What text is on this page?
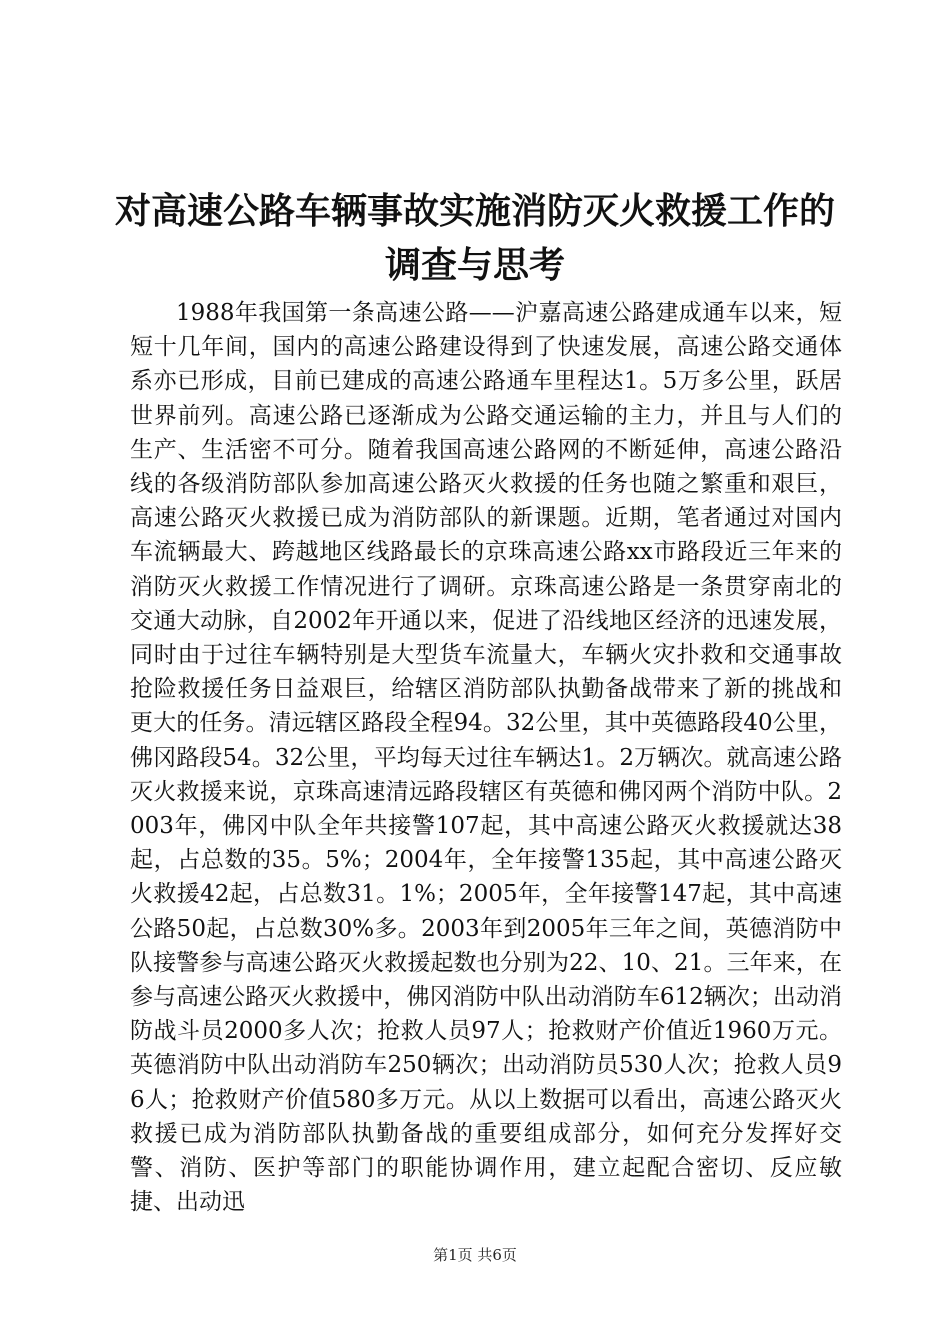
对高速公路车辆事故实施消防灭火救援工作的
调查与思考

1988年我国第一条高速公路——沪嘉高速公路建成通车以来，短短十几年间，国内的高速公路建设得到了快速发展，高速公路交通体系亦已形成，目前已建成的高速公路通车里程达1。5万多公里，跃居世界前列。高速公路已逐渐成为公路交通运输的主力，并且与人们的生产、生活密不可分。随着我国高速公路网的不断延伸，高速公路沿线的各级消防部队参加高速公路灭火救援的任务也随之繁重和艰巨，高速公路灭火救援已成为消防部队的新课题。近期，笔者通过对国内车流辆最大、跨越地区线路最长的京珠高速公路xx市路段近三年来的消防灭火救援工作情况进行了调研。京珠高速公路是一条贯穿南北的交通大动脉，自2002年开通以来，促进了沿线地区经济的迅速发展，同时由于过往车辆特别是大型货车流量大，车辆火灾扑救和交通事故抢险救援任务日益艰巨，给辖区消防部队执勤备战带来了新的挑战和更大的任务。清远辖区路段全程94。32公里，其中英德路段40公里，佛冈路段54。32公里，平均每天过往车辆达1。2万辆次。就高速公路灭火救援来说，京珠高速清远路段辖区有英德和佛冈两个消防中队。2003年，佛冈中队全年共接警107起，其中高速公路灭火救援就达38起，占总数的35。5%；2004年，全年接警135起，其中高速公路灭火救援42起，占总数31。1%；2005年，全年接警147起，其中高速公路50起，占总数30%多。2003年到2005年三年之间，英德消防中队接警参与高速公路灭火救援起数也分别为22、10、21。三年来，在参与高速公路灭火救援中，佛冈消防中队出动消防车612辆次；出动消防战斗员2000多人次；抢救人员97人；抢救财产价值近1960万元。英德消防中队出动消防车250辆次；出动消防员530人次；抢救人员96人；抢救财产价值580多万元。从以上数据可以看出，高速公路灭火救援已成为消防部队执勤备战的重要组成部分，如何充分发挥好交警、消防、医护等部门的职能协调作用，建立起配合密切、反应敏捷、出动迅

第1页 共6页
